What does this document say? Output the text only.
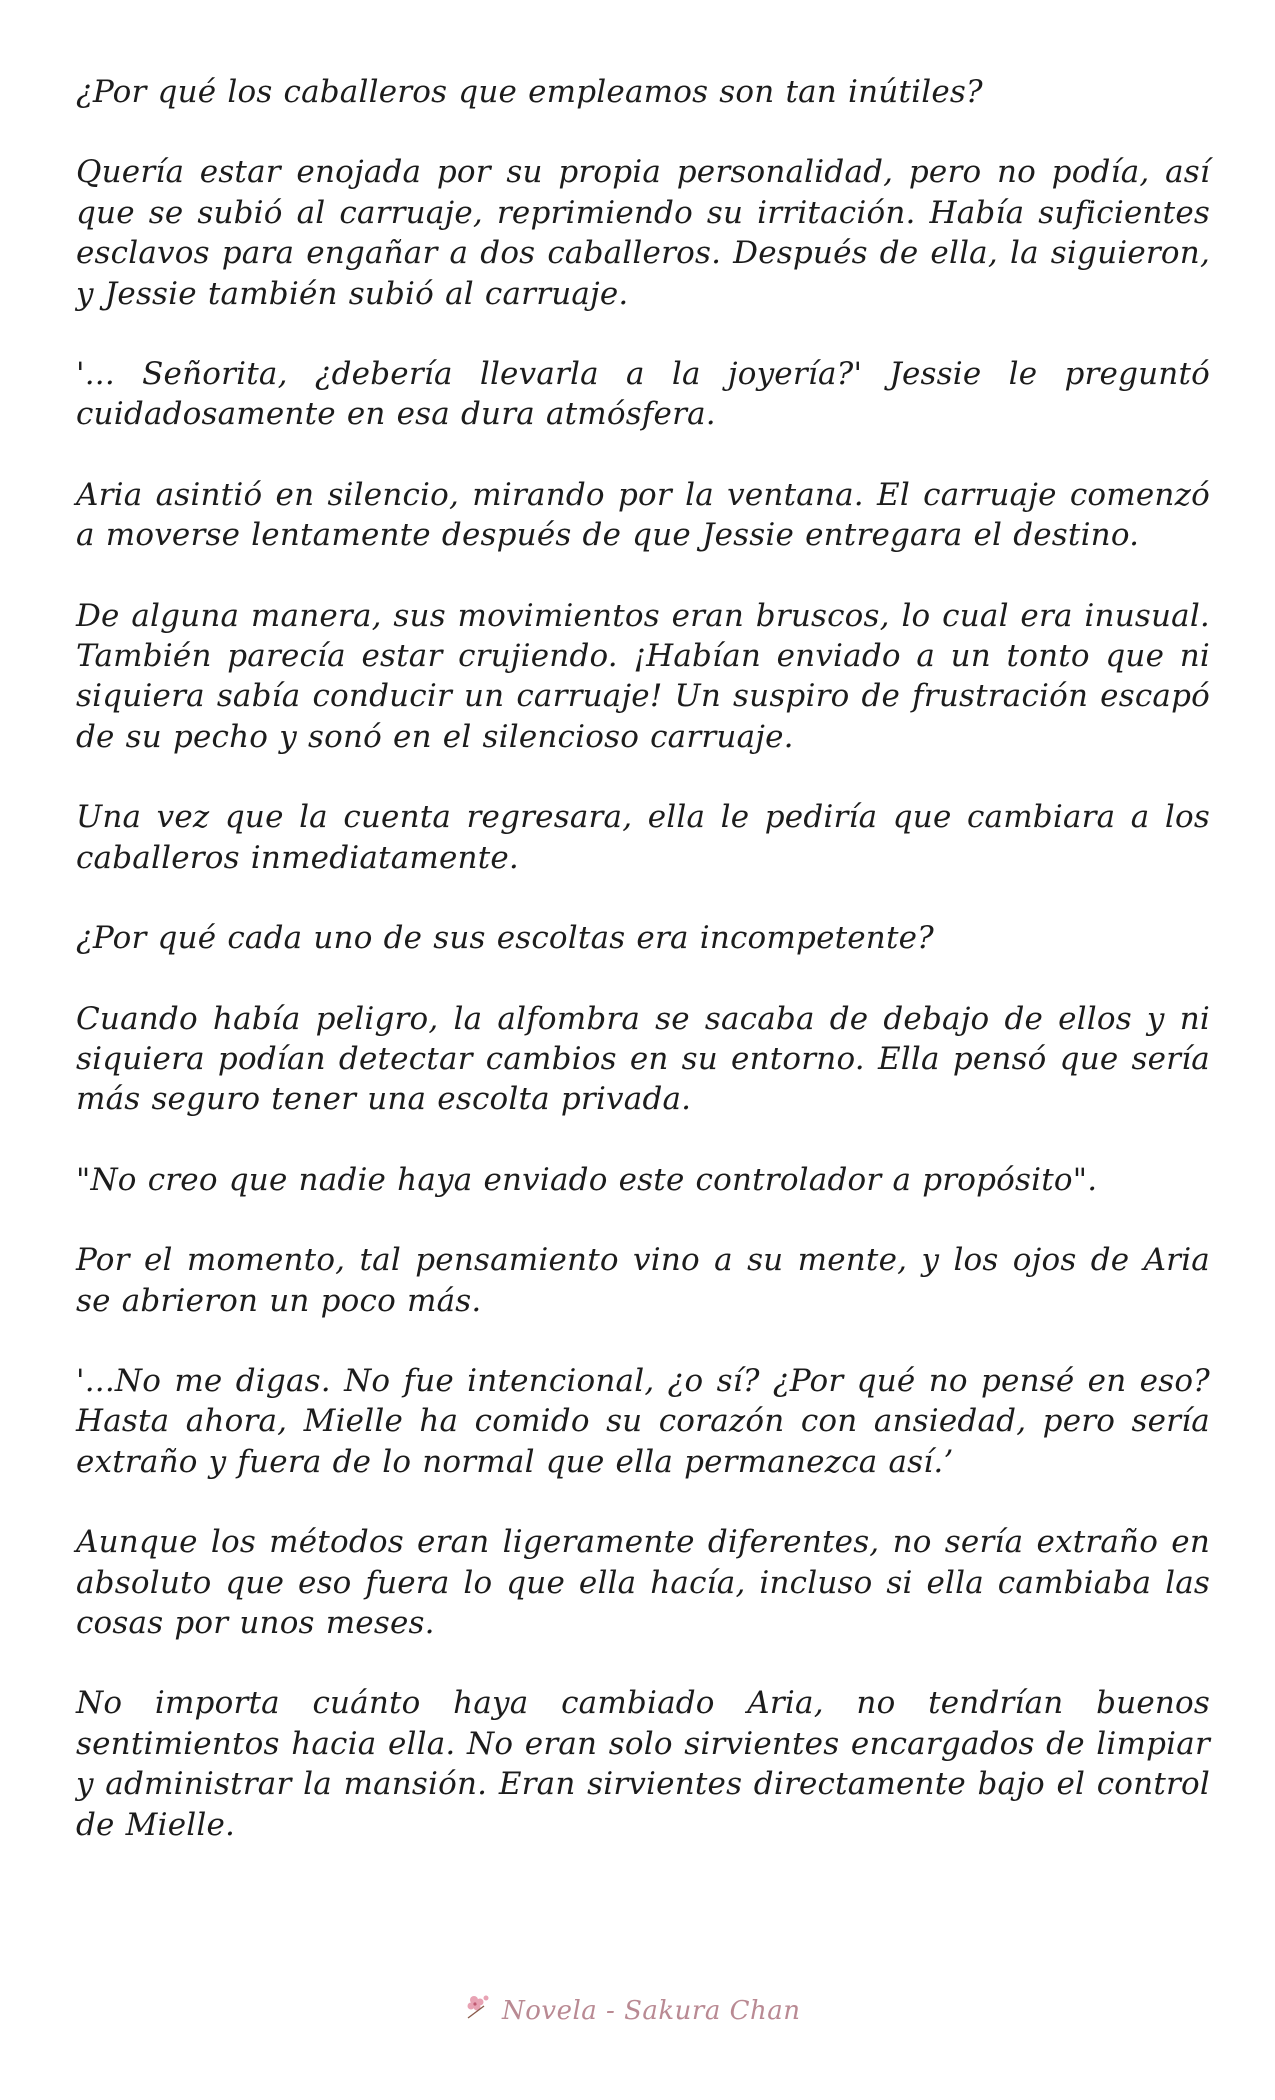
¿Por qué los caballeros que empleamos son tan inútiles?

Quería estar enojada por su propia personalidad, pero no podía, así que se subió al carruaje, reprimiendo su irritación. Había suficientes esclavos para engañar a dos caballeros. Después de ella, la siguieron, y Jessie también subió al carruaje.

'... Señorita, ¿debería llevarla a la joyería?' Jessie le preguntó cuidadosamente en esa dura atmósfera.

Aria asintió en silencio, mirando por la ventana. El carruaje comenzó a moverse lentamente después de que Jessie entregara el destino.

De alguna manera, sus movimientos eran bruscos, lo cual era inusual. También parecía estar crujiendo. ¡Habían enviado a un tonto que ni siquiera sabía conducir un carruaje! Un suspiro de frustración escapó de su pecho y sonó en el silencioso carruaje.

Una vez que la cuenta regresara, ella le pediría que cambiara a los caballeros inmediatamente.

¿Por qué cada uno de sus escoltas era incompetente?

Cuando había peligro, la alfombra se sacaba de debajo de ellos y ni siquiera podían detectar cambios en su entorno. Ella pensó que sería más seguro tener una escolta privada.

"No creo que nadie haya enviado este controlador a propósito".

Por el momento, tal pensamiento vino a su mente, y los ojos de Aria se abrieron un poco más.

'...No me digas. No fue intencional, ¿o sí? ¿Por qué no pensé en eso? Hasta ahora, Mielle ha comido su corazón con ansiedad, pero sería extraño y fuera de lo normal que ella permanezca así.’

Aunque los métodos eran ligeramente diferentes, no sería extraño en absoluto que eso fuera lo que ella hacía, incluso si ella cambiaba las cosas por unos meses.

No importa cuánto haya cambiado Aria, no tendrían buenos sentimientos hacia ella. No eran solo sirvientes encargados de limpiar y administrar la mansión. Eran sirvientes directamente bajo el control de Mielle.

Novela - Sakura Chan
